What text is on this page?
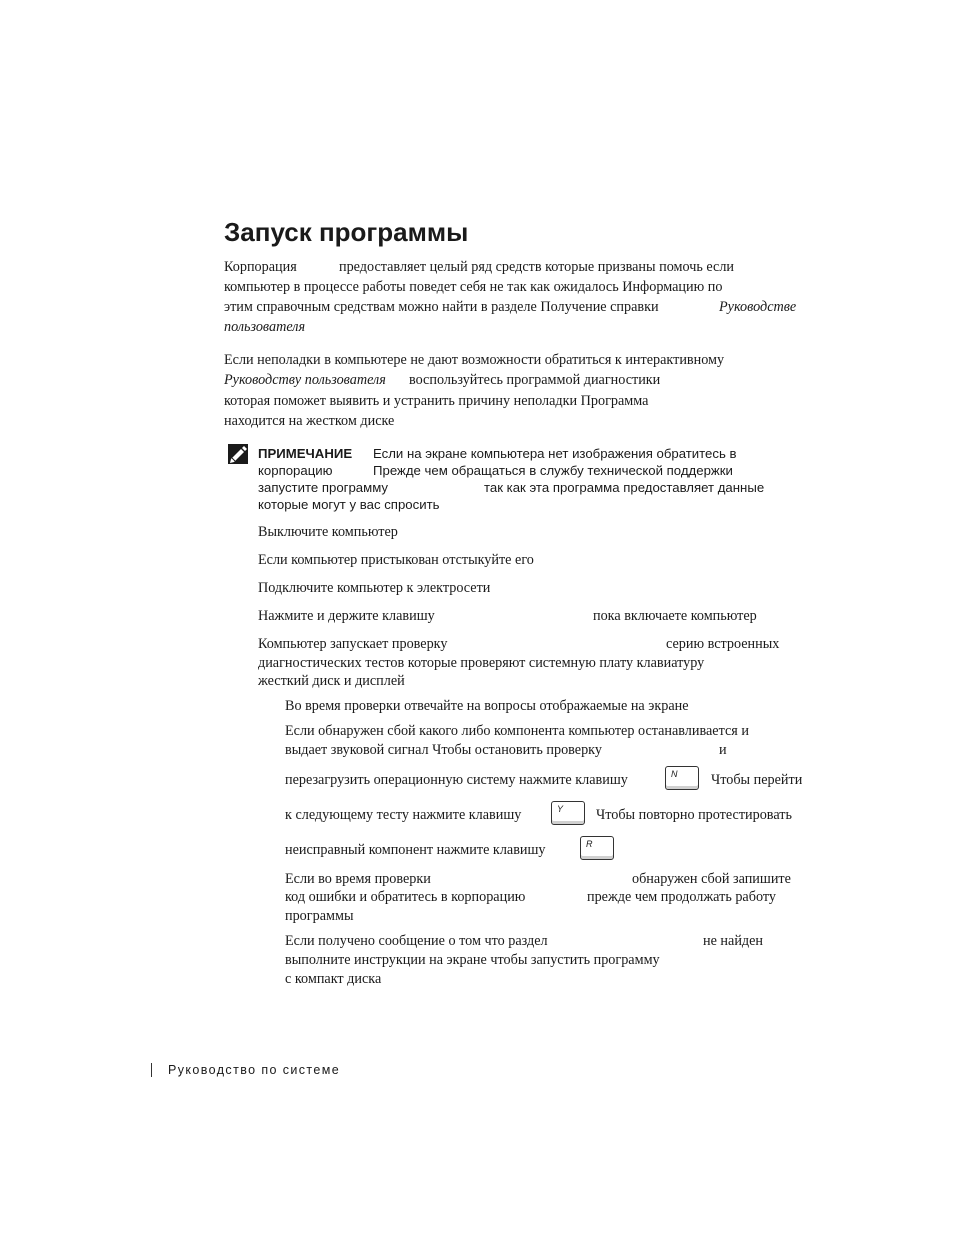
Запуск программы
Корпорация	предоставляет целый ряд средств которые призваны помочь если
компьютер в процессе работы поведет себя не так как ожидалось Информацию по
этим справочным средствам можно найти в разделе Получение справки	Руководстве
пользователя
Если неполадки в компьютере не дают возможности обратиться к интерактивному
Руководству пользователя воспользуйтесь программой диагностики
которая поможет выявить и устранить причину неполадки Программа
находится на жестком диске
ПРИМЕЧАНИЕ Если на экране компьютера нет изображения обратитесь в
корпорацию	Прежде чем обращаться в службу технической поддержки
запустите программу	так как эта программа предоставляет данные
которые могут у вас спросить
Выключите компьютер
Если компьютер пристыкован отстыкуйте его
Подключите компьютер к электросети
Нажмите и держите клавишу	пока включаете компьютер
Компьютер запускает проверку	серию встроенных
диагностических тестов которые проверяют системную плату клавиатуру
жесткий диск и дисплей
Во время проверки отвечайте на вопросы отображаемые на экране
Если обнаружен сбой какого либо компонента компьютер останавливается и
выдает звуковой сигнал Чтобы остановить проверку	и
перезагрузить операционную систему нажмите клавишу	N	Чтобы перейти
к следующему тесту нажмите клавишу	Y	Чтобы повторно протестировать
неисправный компонент нажмите клавишу	R
Если во время проверки	обнаружен сбой запишите
код ошибки и обратитесь в корпорацию	прежде чем продолжать работу
программы
Если получено сообщение о том что раздел	не найден
выполните инструкции на экране чтобы запустить программу
с компакт диска
Руководство по системе
